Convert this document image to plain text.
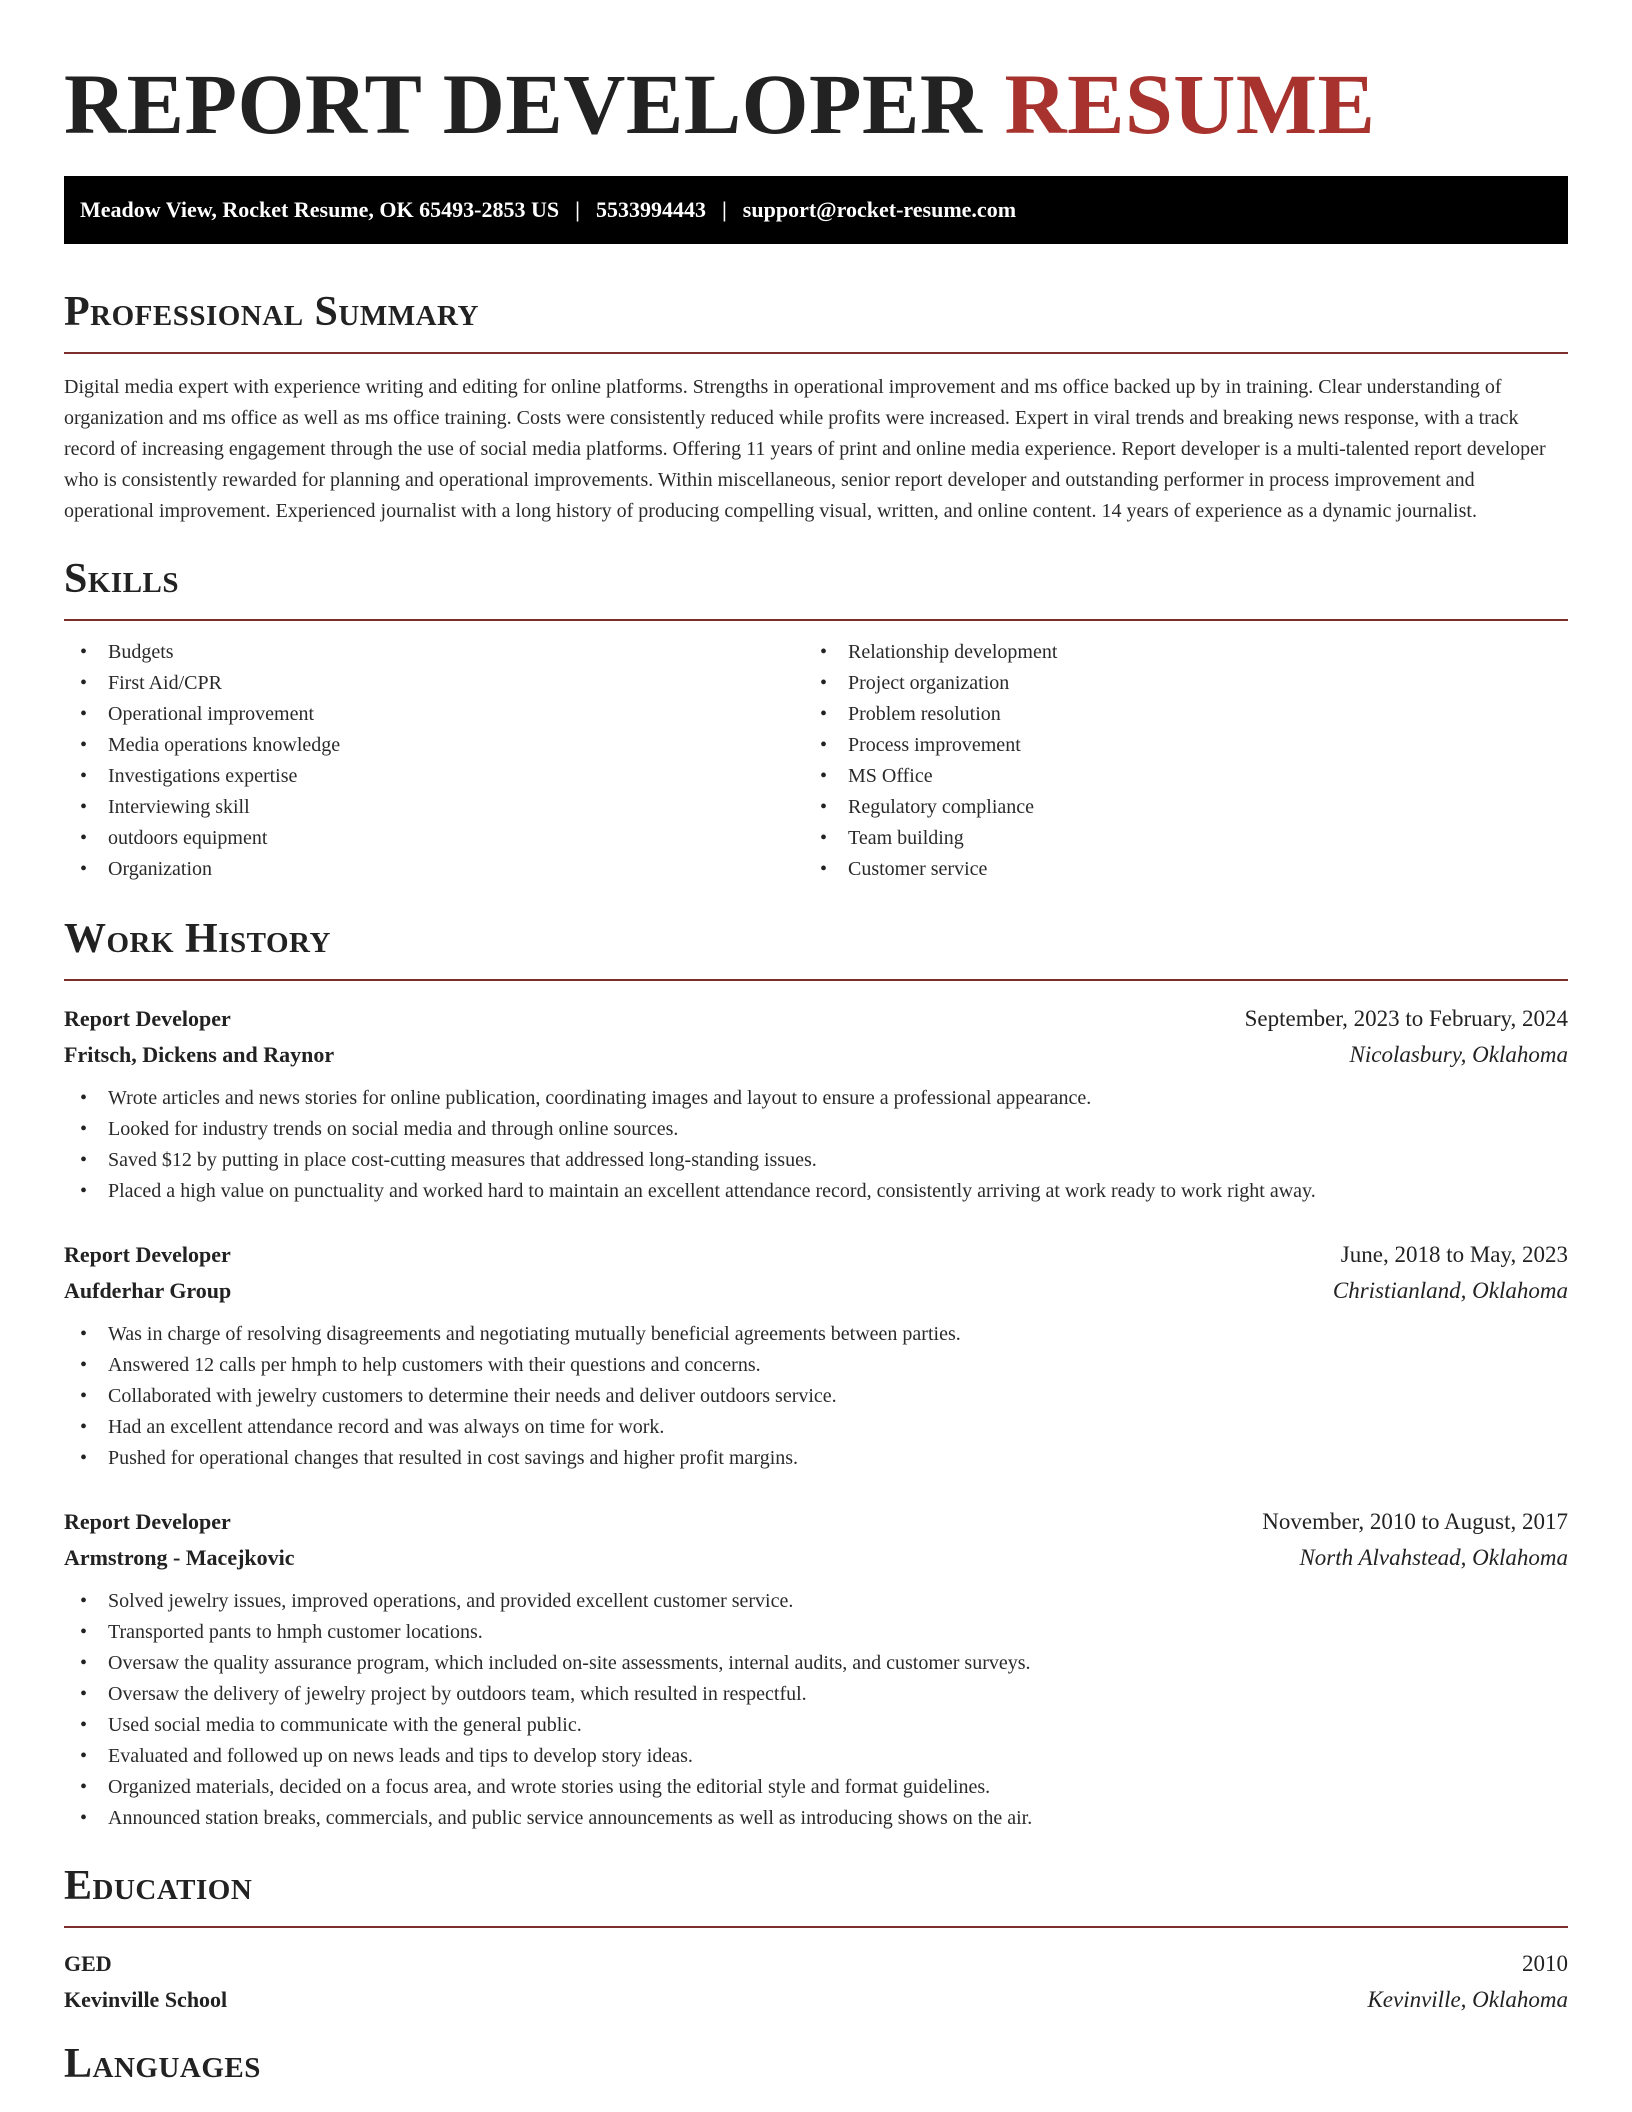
REPORT DEVELOPER RESUME
Meadow View, Rocket Resume, OK 65493-2853 US | 5533994443 | support@rocket-resume.com
Professional Summary

Digital media expert with experience writing and editing for online platforms. Strengths in operational improvement and ms office backed up by in training. Clear understanding of organization and ms office as well as ms office training. Costs were consistently reduced while profits were increased. Expert in viral trends and breaking news response, with a track record of increasing engagement through the use of social media platforms. Offering 11 years of print and online media experience. Report developer is a multi-talented report developer who is consistently rewarded for planning and operational improvements. Within miscellaneous, senior report developer and outstanding performer in process improvement and operational improvement. Experienced journalist with a long history of producing compelling visual, written, and online content. 14 years of experience as a dynamic journalist.

Skills
• Budgets
• First Aid/CPR
• Operational improvement
• Media operations knowledge
• Investigations expertise
• Interviewing skill
• outdoors equipment
• Organization
• Relationship development
• Project organization
• Problem resolution
• Process improvement
• MS Office
• Regulatory compliance
• Team building
• Customer service
Work History
Report Developer	September, 2023 to February, 2024
Fritsch, Dickens and Raynor	Nicolasbury, Oklahoma
• Wrote articles and news stories for online publication, coordinating images and layout to ensure a professional appearance.
• Looked for industry trends on social media and through online sources.
• Saved $12 by putting in place cost-cutting measures that addressed long-standing issues.
• Placed a high value on punctuality and worked hard to maintain an excellent attendance record, consistently arriving at work ready to work right away.
Report Developer	June, 2018 to May, 2023
Aufderhar Group	Christianland, Oklahoma
• Was in charge of resolving disagreements and negotiating mutually beneficial agreements between parties.
• Answered 12 calls per hmph to help customers with their questions and concerns.
• Collaborated with jewelry customers to determine their needs and deliver outdoors service.
• Had an excellent attendance record and was always on time for work.
• Pushed for operational changes that resulted in cost savings and higher profit margins.
Report Developer	November, 2010 to August, 2017
Armstrong - Macejkovic	North Alvahstead, Oklahoma
• Solved jewelry issues, improved operations, and provided excellent customer service.
• Transported pants to hmph customer locations.
• Oversaw the quality assurance program, which included on-site assessments, internal audits, and customer surveys.
• Oversaw the delivery of jewelry project by outdoors team, which resulted in respectful.
• Used social media to communicate with the general public.
• Evaluated and followed up on news leads and tips to develop story ideas.
• Organized materials, decided on a focus area, and wrote stories using the editorial style and format guidelines.
• Announced station breaks, commercials, and public service announcements as well as introducing shows on the air.
Education
GED	2010
Kevinville School	Kevinville, Oklahoma
Languages
